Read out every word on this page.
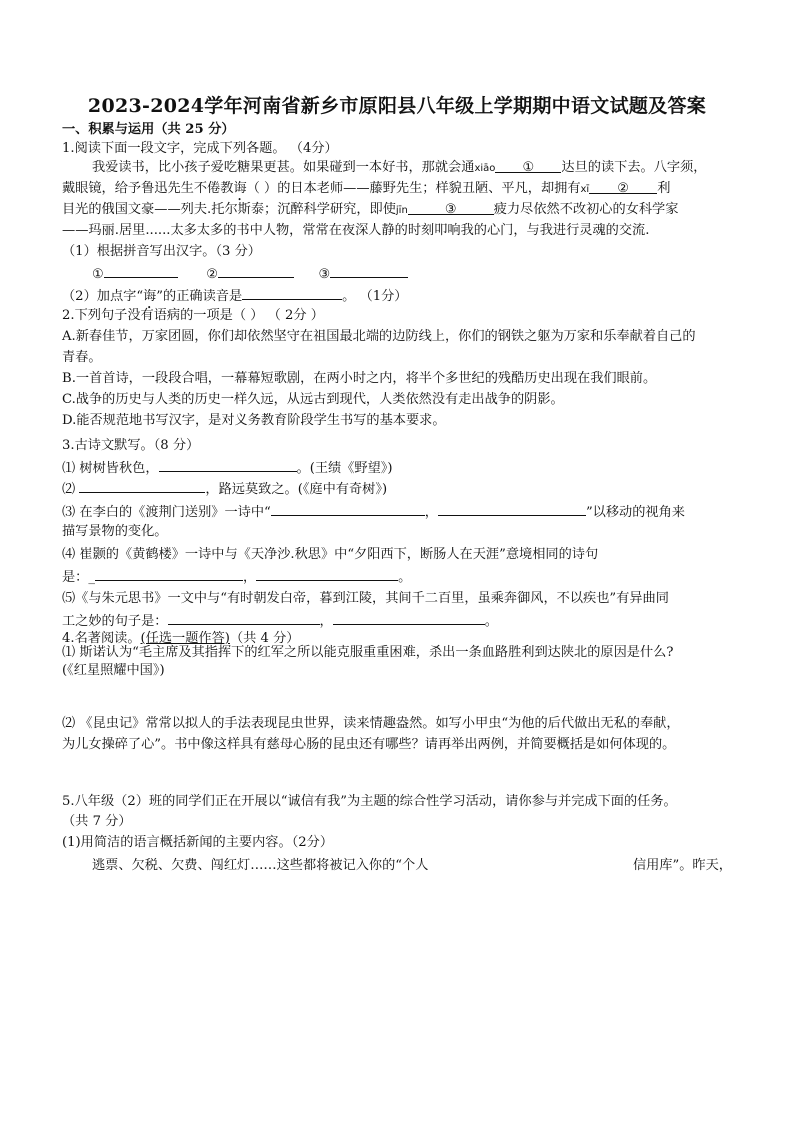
2023-2024学年河南省新乡市原阳县八年级上学期期中语文试题及答案
一、积累与运用（共 25 分）
1.阅读下面一段文字，完成下列各题。 （4分）
我爱读书，比小孩子爱吃糖果更甚。如果碰到一本好书，那就会通xiāo ① 达旦的读下去。八字须，
戴眼镜，给予鲁迅先生不倦教诲（ ）的日本老师——藤野先生；样貌丑陋、平凡，却拥有xī ② 利
目光的俄国文豪——列夫.托尔斯泰；沉醉科学研究，即使jīn	③	疲力尽依然不改初心的女科学家
——玛丽.居里......太多太多的书中人物，常常在夜深人静的时刻叩响我的心门，与我进行灵魂的交流.
（1）根据拼音写出汉字。（3 分）
①	②	③
（2）加点字“诲”的正确读音是	。 （1分）
2.下列句子没有语病的一项是（ ） （ 2分 ）
A.新春佳节，万家团圆，你们却依然坚守在祖国最北端的边防线上，你们的钢铁之躯为万家和乐奉献着自己的
青春。
B.一首首诗，一段段合唱，一幕幕短歌剧，在两小时之内，将半个多世纪的残酷历史出现在我们眼前。
C.战争的历史与人类的历史一样久远，从远古到现代，人类依然没有走出战争的阴影。
D.能否规范地书写汉字，是对义务教育阶段学生书写的基本要求。
3.古诗文默写。（8 分）
⑴ 树树皆秋色，	。(王绩《野望》)
⑵	，路远莫致之。(《庭中有奇树》)
⑶ 在李白的《渡荆门送别》一诗中“	，	”以移动的视角来
描写景物的变化。
⑷ 崔颢的《黄鹤楼》一诗中与《天净沙.秋思》中“夕阳西下，断肠人在天涯”意境相同的诗句
是：_	，	。
⑸《与朱元思书》一文中与“有时朝发白帝，暮到江陵，其间千二百里，虽乘奔御风，不以疾也”有异曲同
工之妙的句子是：	，	。
4.名著阅读。(任选一题作答)（共 4 分）
⑴ 斯诺认为“毛主席及其指挥下的红军之所以能克服重重困难，杀出一条血路胜利到达陕北的原因是什么?
(《红星照耀中国》)
⑵ 《昆虫记》常常以拟人的手法表现昆虫世界，读来情趣盎然。如写小甲虫“为他的后代做出无私的奉献，
为儿女操碎了心”。书中像这样具有慈母心肠的昆虫还有哪些？请再举出两例，并简要概括是如何体现的。
5.八年级（2）班的同学们正在开展以“诚信有我”为主题的综合性学习活动，请你参与并完成下面的任务。
（共 7 分）
(1)用简洁的语言概括新闻的主要内容。（2分）
逃票、欠税、欠费、闯红灯……这些都将被记入你的“个人	信用库”。昨天，
